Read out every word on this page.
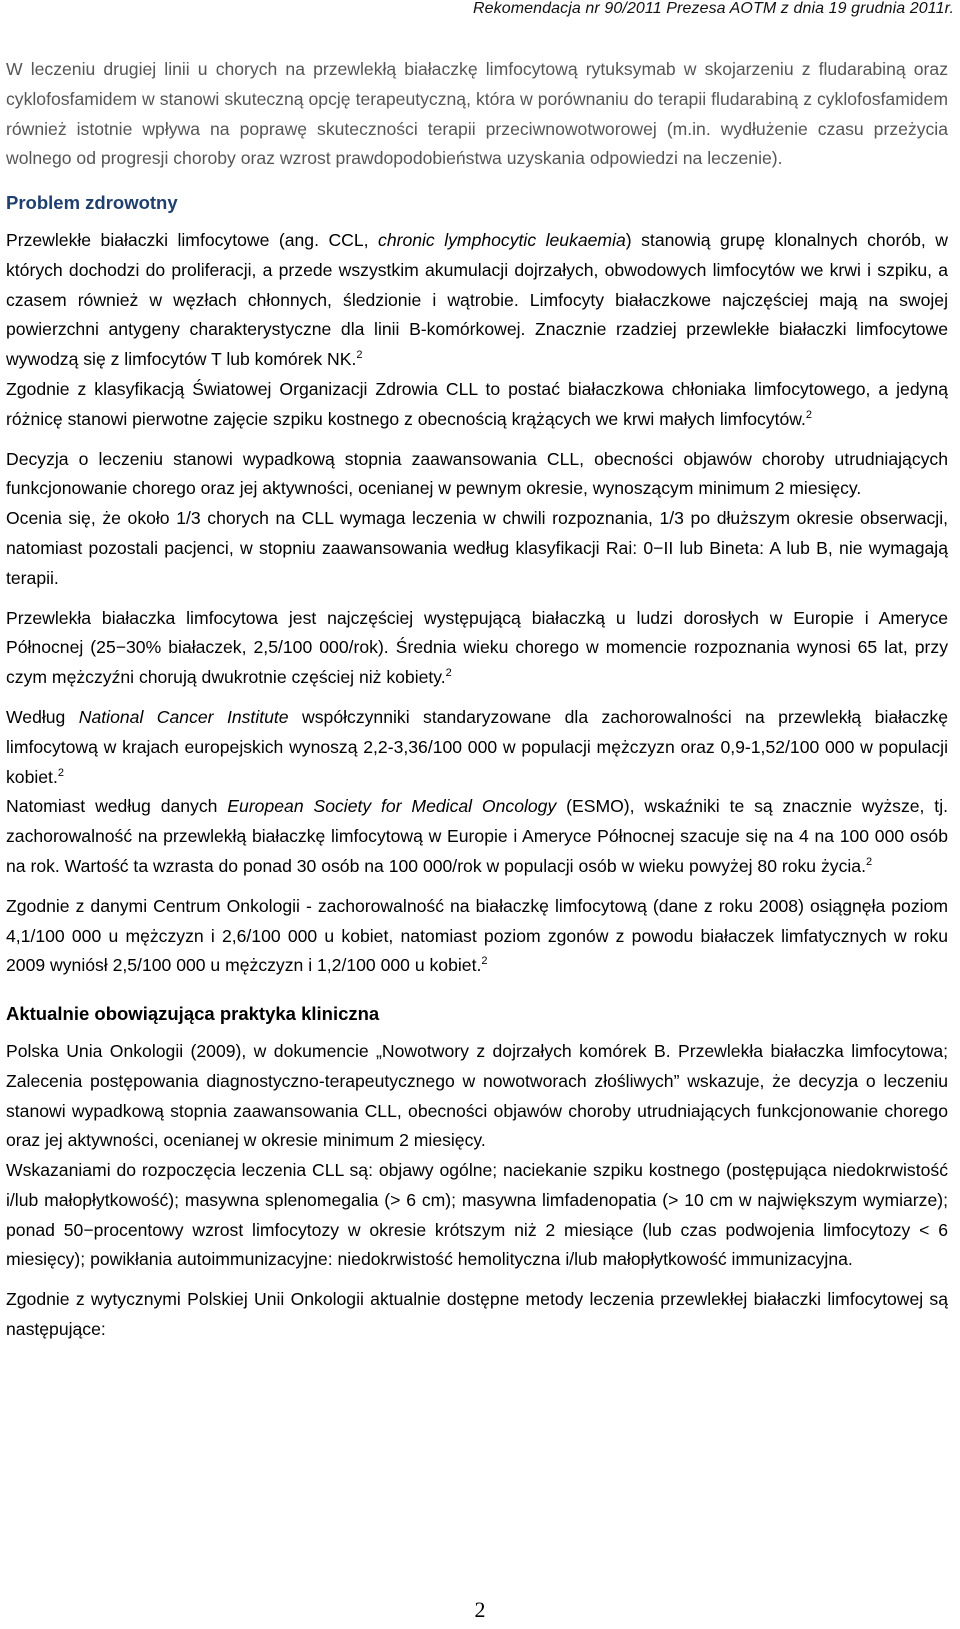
Rekomendacja nr 90/2011 Prezesa AOTM z dnia 19 grudnia 2011r.

W leczeniu drugiej linii u chorych na przewlekłą białaczkę limfocytową rytuksymab w skojarzeniu z fludarabiną oraz cyklofosfamidem w stanowi skuteczną opcję terapeutyczną, która w porównaniu do terapii fludarabiną z cyklofosfamidem również istotnie wpływa na poprawę skuteczności terapii przeciwnowotworowej (m.in. wydłużenie czasu przeżycia wolnego od progresji choroby oraz wzrost prawdopodobieństwa uzyskania odpowiedzi na leczenie).

Problem zdrowotny

Przewlekłe białaczki limfocytowe (ang. CCL, chronic lymphocytic leukaemia) stanowią grupę klonalnych chorób, w których dochodzi do proliferacji, a przede wszystkim akumulacji dojrzałych, obwodowych limfocytów we krwi i szpiku, a czasem również w węzłach chłonnych, śledzionie i wątrobie. Limfocyty białaczkowe najczęściej mają na swojej powierzchni antygeny charakterystyczne dla linii B-komórkowej. Znacznie rzadziej przewlekłe białaczki limfocytowe wywodzą się z limfocytów T lub komórek NK.$^2$

Zgodnie z klasyfikacją Światowej Organizacji Zdrowia CLL to postać białaczkowa chłoniaka limfocytowego, a jedyną różnicę stanowi pierwotne zajęcie szpiku kostnego z obecnością krążących we krwi małych limfocytów.$^2$

Decyzja o leczeniu stanowi wypadkową stopnia zaawansowania CLL, obecności objawów choroby utrudniających funkcjonowanie chorego oraz jej aktywności, ocenianej w pewnym okresie, wynoszącym minimum 2 miesięcy.

Ocenia się, że około 1/3 chorych na CLL wymaga leczenia w chwili rozpoznania, 1/3 po dłuższym okresie obserwacji, natomiast pozostali pacjenci, w stopniu zaawansowania według klasyfikacji Rai: 0−II lub Bineta: A lub B, nie wymagają terapii.

Przewlekła białaczka limfocytowa jest najczęściej występującą białaczką u ludzi dorosłych w Europie i Ameryce Północnej (25−30% białaczek, 2,5/100 000/rok). Średnia wieku chorego w momencie rozpoznania wynosi 65 lat, przy czym mężczyźni chorują dwukrotnie częściej niż kobiety.$^2$

Według National Cancer Institute współczynniki standaryzowane dla zachorowalności na przewlekłą białaczkę limfocytową w krajach europejskich wynoszą 2,2-3,36/100 000 w populacji mężczyzn oraz 0,9-1,52/100 000 w populacji kobiet.$^2$

Natomiast według danych European Society for Medical Oncology (ESMO), wskaźniki te są znacznie wyższe, tj. zachorowalność na przewlekłą białaczkę limfocytową w Europie i Ameryce Północnej szacuje się na 4 na 100 000 osób na rok. Wartość ta wzrasta do ponad 30 osób na 100 000/rok w populacji osób w wieku powyżej 80 roku życia.$^2$

Zgodnie z danymi Centrum Onkologii - zachorowalność na białaczkę limfocytową (dane z roku 2008) osiągnęła poziom 4,1/100 000 u mężczyzn i 2,6/100 000 u kobiet, natomiast poziom zgonów z powodu białaczek limfatycznych w roku 2009 wyniósł 2,5/100 000 u mężczyzn i 1,2/100 000 u kobiet.$^2$

Aktualnie obowiązująca praktyka kliniczna

Polska Unia Onkologii (2009), w dokumencie „Nowotwory z dojrzałych komórek B. Przewlekła białaczka limfocytowa; Zalecenia postępowania diagnostyczno-terapeutycznego w nowotworach złośliwych” wskazuje, że decyzja o leczeniu stanowi wypadkową stopnia zaawansowania CLL, obecności objawów choroby utrudniających funkcjonowanie chorego oraz jej aktywności, ocenianej w okresie minimum 2 miesięcy.

Wskazaniami do rozpoczęcia leczenia CLL są: objawy ogólne; naciekanie szpiku kostnego (postępująca niedokrwistość i/lub małopłytkowość); masywna splenomegalia (> 6 cm); masywna limfadenopatia (> 10 cm w największym wymiarze); ponad 50−procentowy wzrost limfocytozy w okresie krótszym niż 2 miesiące (lub czas podwojenia limfocytozy < 6 miesięcy); powikłania autoimmunizacyjne: niedokrwistość hemolityczna i/lub małopłytkowość immunizacyjna.

Zgodnie z wytycznymi Polskiej Unii Onkologii aktualnie dostępne metody leczenia przewlekłej białaczki limfocytowej są następujące:

2
